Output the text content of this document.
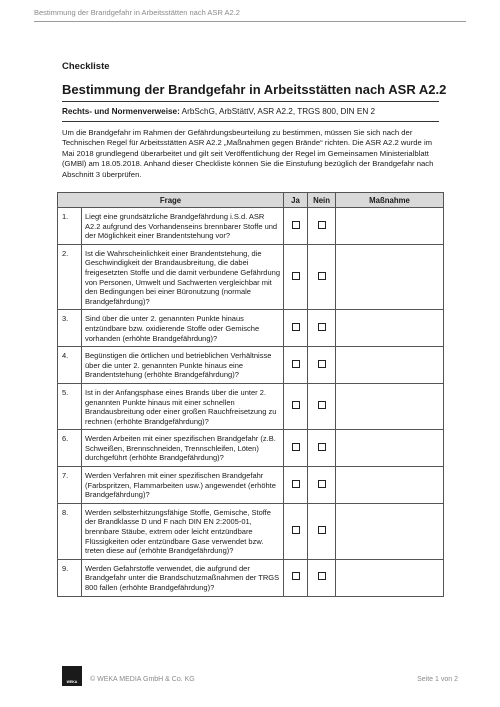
Bestimmung der Brandgefahr in Arbeitsstätten nach ASR A2.2
Checkliste
Bestimmung der Brandgefahr in Arbeitsstätten nach ASR A2.2
Rechts- und Normenverweise: ArbSchG, ArbStättV, ASR A2.2, TRGS 800, DIN EN 2
Um die Brandgefahr im Rahmen der Gefährdungsbeurteilung zu bestimmen, müssen Sie sich nach der Technischen Regel für Arbeitsstätten ASR A2.2 „Maßnahmen gegen Brände“ richten. Die ASR A2.2 wurde im Mai 2018 grundlegend überarbeitet und gilt seit Veröffentlichung der Regel im Gemeinsamen Ministerialblatt (GMBl) am 18.05.2018. Anhand dieser Checkliste können Sie die Einstufung bezüglich der Brandgefahr nach Abschnitt 3 überprüfen.
Frage		Ja	Nein	Maßnahme
1.	Liegt eine grundsätzliche Brandgefährdung i.S.d. ASR A2.2 aufgrund des Vorhandenseins brennbarer Stoffe und der Möglichkeit einer Brandentstehung vor?			
2.	Ist die Wahrscheinlichkeit einer Brandentstehung, die Geschwindigkeit der Brandausbreitung, die dabei freigesetzten Stoffe und die damit verbundene Gefährdung von Personen, Umwelt und Sachwerten vergleichbar mit den Bedingungen bei einer Büronutzung (normale Brandgefährdung)?			
3.	Sind über die unter 2. genannten Punkte hinaus entzündbare bzw. oxidierende Stoffe oder Gemische vorhanden (erhöhte Brandgefährdung)?			
4.	Begünstigen die örtlichen und betrieblichen Verhältnisse über die unter 2. genannten Punkte hinaus eine Brandentstehung (erhöhte Brandgefährdung)?			
5.	Ist in der Anfangsphase eines Brands über die unter 2. genannten Punkte hinaus mit einer schnellen Brandausbreitung oder einer großen Rauchfreisetzung zu rechnen (erhöhte Brandgefährdung)?			
6.	Werden Arbeiten mit einer spezifischen Brandgefahr (z.B. Schweißen, Brennschneiden, Trennschleifen, Löten) durchgeführt (erhöhte Brandgefährdung)?			
7.	Werden Verfahren mit einer spezifischen Brandgefahr (Farbspritzen, Flammarbeiten usw.) angewendet (erhöhte Brandgefährdung)?			
8.	Werden selbsterhitzungsfähige Stoffe, Gemische, Stoffe der Brandklasse D und F nach DIN EN 2:2005-01, brennbare Stäube, extrem oder leicht entzündbare Flüssigkeiten oder entzündbare Gase verwendet bzw. treten diese auf (erhöhte Brandgefährdung)?			
9.	Werden Gefahrstoffe verwendet, die aufgrund der Brandgefahr unter die Brandschutzmaßnahmen der TRGS 800 fallen (erhöhte Brandgefährdung)?			
WEKA © WEKA MEDIA GmbH & Co. KG	Seite 1 von 2
